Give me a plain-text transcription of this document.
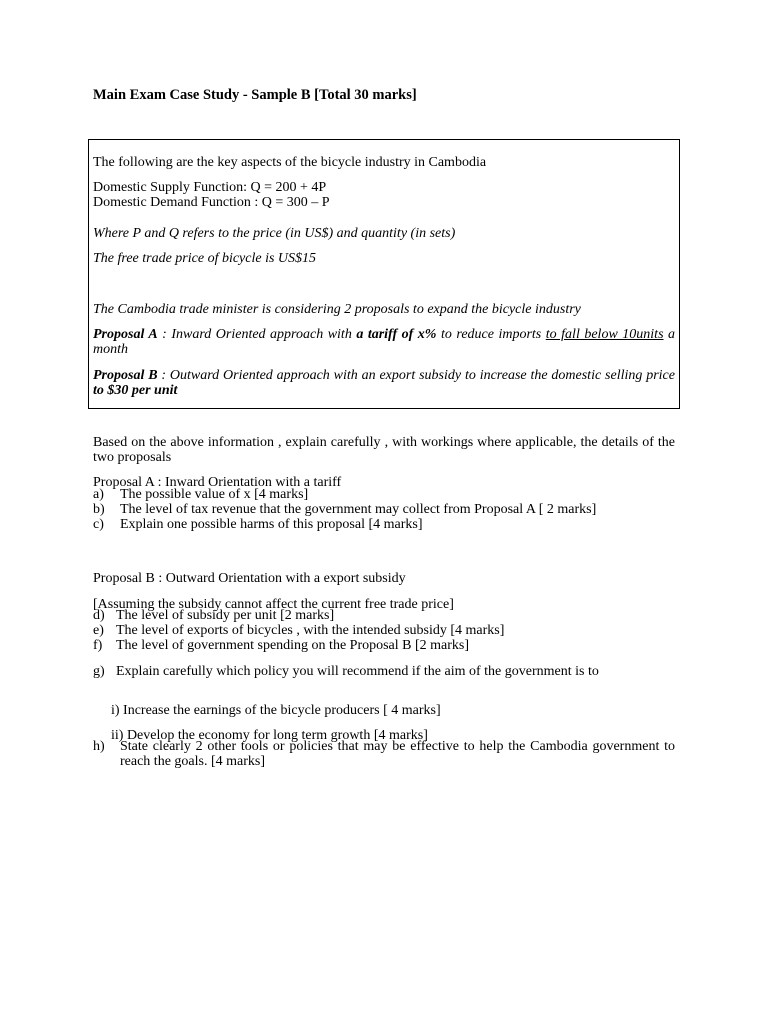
Main Exam Case Study - Sample B [Total 30 marks]

The following are the key aspects of the bicycle industry in Cambodia

Domestic Supply Function: Q = 200 + 4P

Domestic Demand Function : Q = 300 – P

Where P and Q refers to the price (in US$) and quantity (in sets)

The free trade price of bicycle is US$15

The Cambodia trade minister is considering 2 proposals to expand the bicycle industry

Proposal A : Inward Oriented approach with a tariff of x% to reduce imports to fall below 10units a month

Proposal B : Outward Oriented approach with an export subsidy to increase the domestic selling price to $30 per unit

Based on the above information , explain carefully , with workings where applicable, the details of the two proposals

Proposal A : Inward Orientation with a tariff

a) The possible value of x [4 marks]
b) The level of tax revenue that the government may collect from Proposal A [ 2 marks]
c) Explain one possible harms of this proposal [4 marks]

Proposal B : Outward Orientation with a export subsidy

[Assuming the subsidy cannot affect the current free trade price]

d) The level of subsidy per unit [2 marks]
e) The level of exports of bicycles , with the intended subsidy [4 marks]
f) The level of government spending on the Proposal B [2 marks]
g) Explain carefully which policy you will recommend if the aim of the government is to

i) Increase the earnings of the bicycle producers [ 4 marks]

ii) Develop the economy for long term growth [4 marks]

h) State clearly 2 other tools or policies that may be effective to help the Cambodia government to reach the goals. [4 marks]
